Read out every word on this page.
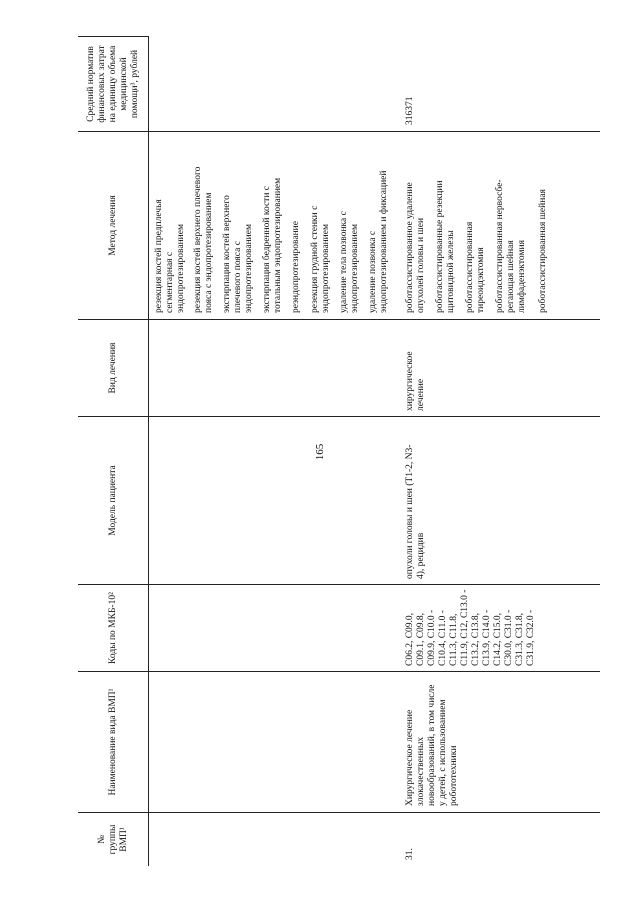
165
№
группы
ВМП¹
Наименование вида ВМП¹
Коды по МКБ-10²
Модель пациента
Вид лечения
Метод лечения
Средний норматив
финансовых затрат
на единицу объема
медицинской
помощи³, рублей
резекция костей предплечья
сегментарная с
эндопротезированием резекция костей верхнего плечевого
пояса с эндопротезированием
экстирпация костей верхнего
плечевого пояса с
эндопротезированием экстирпация бедренной кости с
тотальным эндопротезированием реэндопротезирование резекция грудной стенки с
эндопротезированием удаление тела позвонка с
эндопротезированием удаление позвонка с
эндопротезированием и фиксацией
31.
Хирургическое лечение
злокачественных
новообразований, в том числе
у детей, с использованием
робототехники
C06.2, C09.0,
C09.1, C09.8,
C09.9, C10.0 -
C10.4, C11.0 -
C11.3, C11.8,
C11.9, C12, C13.0 -
C13.2, C13.8,
C13.9, C14.0 -
C14.2, C15.0,
C30.0, C31.0 -
C31.3, C31.8,
C31.9, C32.0 -
опухоли головы и шеи (T1-2, N3-
4), рецидив
хирургическое
лечение
роботассистированное удаление
опухолей головы и шеи роботассистированные резекции
щитовидной железы роботассистированная
тиреоидэктомия роботассистированная нервосбе-
регающая шейная
лимфаденэктомия роботассистированная шейная
316371
